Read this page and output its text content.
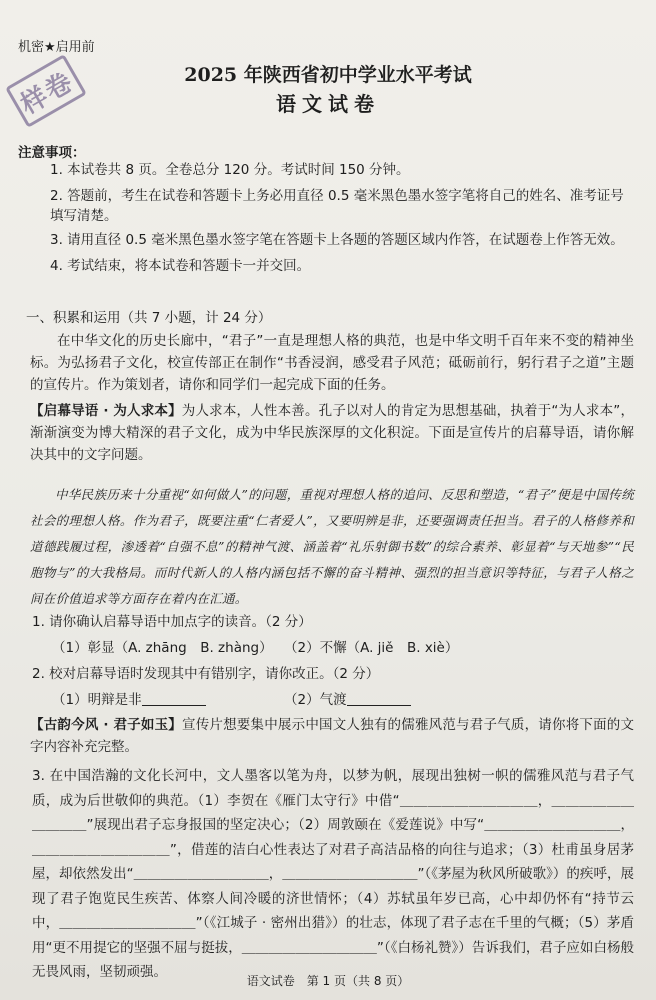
机密★启用前
样卷	2025 年陕西省初中学业水平考试
语文试卷
注意事项：
1. 本试卷共 8 页。全卷总分 120 分。考试时间 150 分钟。
2. 答题前，考生在试卷和答题卡上务必用直径 0.5 毫米黑色墨水签字笔将自己的姓名、准考证号填写清楚。
3. 请用直径 0.5 毫米黑色墨水签字笔在答题卡上各题的答题区域内作答，在试题卷上作答无效。
4. 考试结束，将本试卷和答题卡一并交回。
一、积累和运用（共 7 小题，计 24 分）
在中华文化的历史长廊中，“君子”一直是理想人格的典范，也是中华文明千百年来不变的精神坐标。为弘扬君子文化，校宣传部正在制作“书香浸润，感受君子风范；砥砺前行，躬行君子之道”主题的宣传片。作为策划者，请你和同学们一起完成下面的任务。
【启幕导语 · 为人求本】为人求本，人性本善。孔子以对人的肯定为思想基础，执着于“为人求本”，渐渐演变为博大精深的君子文化，成为中华民族深厚的文化积淀。下面是宣传片的启幕导语，请你解决其中的文字问题。
中华民族历来十分重视“如何做人”的问题，重视对理想人格的追问、反思和塑造，“君子”便是中国传统社会的理想人格。作为君子，既要注重“仁者爱人”，又要明辨是非，还要强调责任担当。君子的人格修养和道德践履过程，渗透着“自强不息”的精神气渡、涵盖着“礼乐射御书数”的综合素养、彰显着“与天地参”“民胞物与”的大我格局。而时代新人的人格内涵包括不懈的奋斗精神、强烈的担当意识等特征，与君子人格之间在价值追求等方面存在着内在汇通。
1. 请你确认启幕导语中加点字的读音。（2 分）
（1）彰显（A. zhāng　B. zhàng） （2）不懈（A. jiě　B. xiè）
2. 校对启幕导语时发现其中有错别字，请你改正。（2 分）
（1）明辩是非	（2）气渡
【古韵今风 · 君子如玉】宣传片想要集中展示中国文人独有的儒雅风范与君子气质，请你将下面的文字内容补充完整。
3. 在中国浩瀚的文化长河中，文人墨客以笔为舟，以梦为帆，展现出独树一帜的儒雅风范与君子气质，成为后世敬仰的典范。（1）李贺在《雁门太守行》中借“＿＿＿＿＿＿＿＿＿＿，＿＿＿＿＿＿＿＿＿＿”展现出君子忘身报国的坚定决心；（2）周敦颐在《爱莲说》中写“＿＿＿＿＿＿＿＿＿＿，＿＿＿＿＿＿＿＿＿＿”，借莲的洁白心性表达了对君子高洁品格的向往与追求；（3）杜甫虽身居茅屋，却依然发出“＿＿＿＿＿＿＿＿＿＿，＿＿＿＿＿＿＿＿＿＿”（《茅屋为秋风所破歌》）的疾呼，展现了君子饱览民生疾苦、体察人间冷暖的济世情怀；（4）苏轼虽年岁已高，心中却仍怀有“持节云中，＿＿＿＿＿＿＿＿＿＿”（《江城子 · 密州出猎》）的壮志，体现了君子志在千里的气概；（5）茅盾用“更不用提它的坚强不屈与挺拔，＿＿＿＿＿＿＿＿＿＿”（《白杨礼赞》）告诉我们，君子应如白杨般无畏风雨，坚韧顽强。
语文试卷　第 1 页（共 8 页）
